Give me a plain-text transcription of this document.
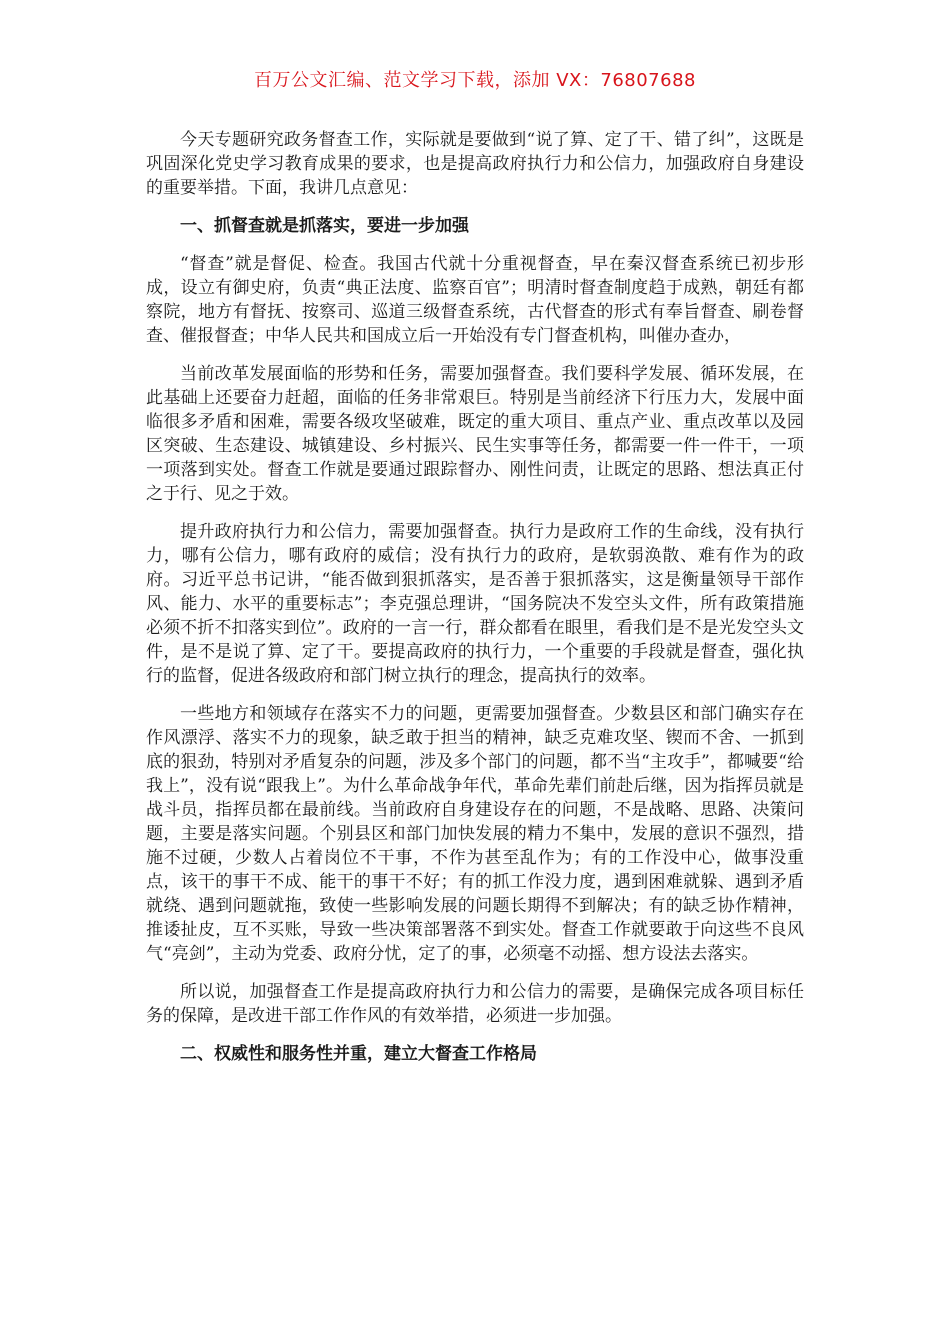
百万公文汇编、范文学习下载，添加 VX：76807688

今天专题研究政务督查工作，实际就是要做到“说了算、定了干、错了纠”，这既是巩固深化党史学习教育成果的要求，也是提高政府执行力和公信力，加强政府自身建设的重要举措。下面，我讲几点意见：

一、抓督查就是抓落实，要进一步加强

“督查”就是督促、检查。我国古代就十分重视督查，早在秦汉督查系统已初步形成，设立有御史府，负责“典正法度、监察百官”；明清时督查制度趋于成熟，朝廷有都察院，地方有督抚、按察司、巡道三级督查系统，古代督查的形式有奉旨督查、刷卷督查、催报督查；中华人民共和国成立后一开始没有专门督查机构，叫催办查办，

当前改革发展面临的形势和任务，需要加强督查。我们要科学发展、循环发展，在此基础上还要奋力赶超，面临的任务非常艰巨。特别是当前经济下行压力大，发展中面临很多矛盾和困难，需要各级攻坚破难，既定的重大项目、重点产业、重点改革以及园区突破、生态建设、城镇建设、乡村振兴、民生实事等任务，都需要一件一件干，一项一项落到实处。督查工作就是要通过跟踪督办、刚性问责，让既定的思路、想法真正付之于行、见之于效。

提升政府执行力和公信力，需要加强督查。执行力是政府工作的生命线，没有执行力，哪有公信力，哪有政府的威信；没有执行力的政府，是软弱涣散、难有作为的政府。习近平总书记讲，“能否做到狠抓落实，是否善于狠抓落实，这是衡量领导干部作风、能力、水平的重要标志”；李克强总理讲，“国务院决不发空头文件，所有政策措施必须不折不扣落实到位”。政府的一言一行，群众都看在眼里，看我们是不是光发空头文件，是不是说了算、定了干。要提高政府的执行力，一个重要的手段就是督查，强化执行的监督，促进各级政府和部门树立执行的理念，提高执行的效率。

一些地方和领域存在落实不力的问题，更需要加强督查。少数县区和部门确实存在作风漂浮、落实不力的现象，缺乏敢于担当的精神，缺乏克难攻坚、锲而不舍、一抓到底的狠劲，特别对矛盾复杂的问题，涉及多个部门的问题，都不当“主攻手”，都喊要“给我上”，没有说“跟我上”。为什么革命战争年代，革命先辈们前赴后继，因为指挥员就是战斗员，指挥员都在最前线。当前政府自身建设存在的问题，不是战略、思路、决策问题，主要是落实问题。个别县区和部门加快发展的精力不集中，发展的意识不强烈，措施不过硬，少数人占着岗位不干事，不作为甚至乱作为；有的工作没中心，做事没重点，该干的事干不成、能干的事干不好；有的抓工作没力度，遇到困难就躲、遇到矛盾就绕、遇到问题就拖，致使一些影响发展的问题长期得不到解决；有的缺乏协作精神，推诿扯皮，互不买账，导致一些决策部署落不到实处。督查工作就要敢于向这些不良风气“亮剑”，主动为党委、政府分忧，定了的事，必须毫不动摇、想方设法去落实。

所以说，加强督查工作是提高政府执行力和公信力的需要，是确保完成各项目标任务的保障，是改进干部工作作风的有效举措，必须进一步加强。

二、权威性和服务性并重，建立大督查工作格局
